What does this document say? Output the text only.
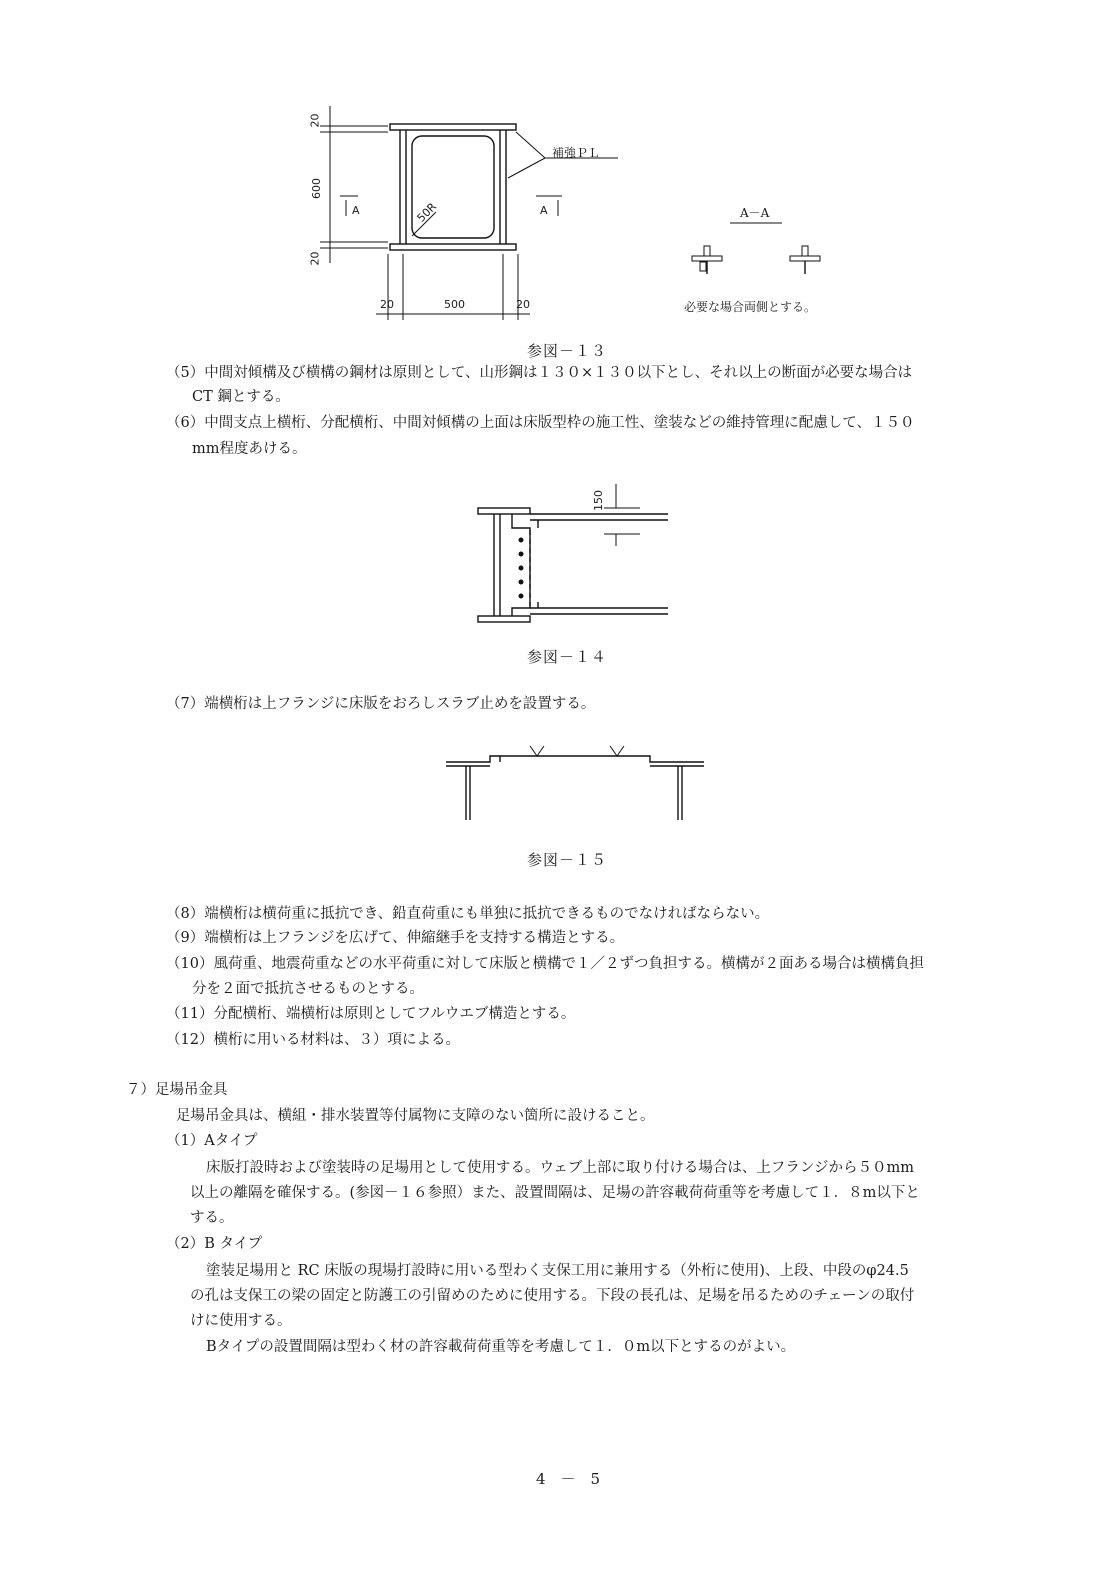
20
600
20
20	500	20
50R
A	A
補強ＰＬ
A－A
必要な場合両側とする。
参図－１３
（5）中間対傾構及び横構の鋼材は原則として、山形鋼は１３０×１３０以下とし、それ以上の断面が必要な場合は
CT 鋼とする。
（6）中間支点上横桁、分配横桁、中間対傾構の上面は床版型枠の施工性、塗装などの維持管理に配慮して、１５０
mm程度あける。
150
参図－１４
（7）端横桁は上フランジに床版をおろしスラブ止めを設置する。
参図－１５
（8）端横桁は横荷重に抵抗でき、鉛直荷重にも単独に抵抗できるものでなければならない。
（9）端横桁は上フランジを広げて、伸縮継手を支持する構造とする。
（10）風荷重、地震荷重などの水平荷重に対して床版と横構で１／２ずつ負担する。横構が２面ある場合は横構負担
分を２面で抵抗させるものとする。
（11）分配横桁、端横桁は原則としてフルウエブ構造とする。
（12）横桁に用いる材料は、３）項による。
７）足場吊金具
足場吊金具は、横組・排水装置等付属物に支障のない箇所に設けること。
（1）Aタイプ
床版打設時および塗装時の足場用として使用する。ウェブ上部に取り付ける場合は、上フランジから５０mm
以上の離隔を確保する。(参図－１６参照）また、設置間隔は、足場の許容載荷荷重等を考慮して１．８m以下と
する。
（2）B タイプ
塗装足場用と RC 床版の現場打設時に用いる型わく支保工用に兼用する（外桁に使用)、上段、中段のφ24.5
の孔は支保工の梁の固定と防護工の引留めのために使用する。下段の長孔は、足場を吊るためのチェーンの取付
けに使用する。
Bタイプの設置間隔は型わく材の許容載荷荷重等を考慮して１．０m以下とするのがよい。
4　－　5
